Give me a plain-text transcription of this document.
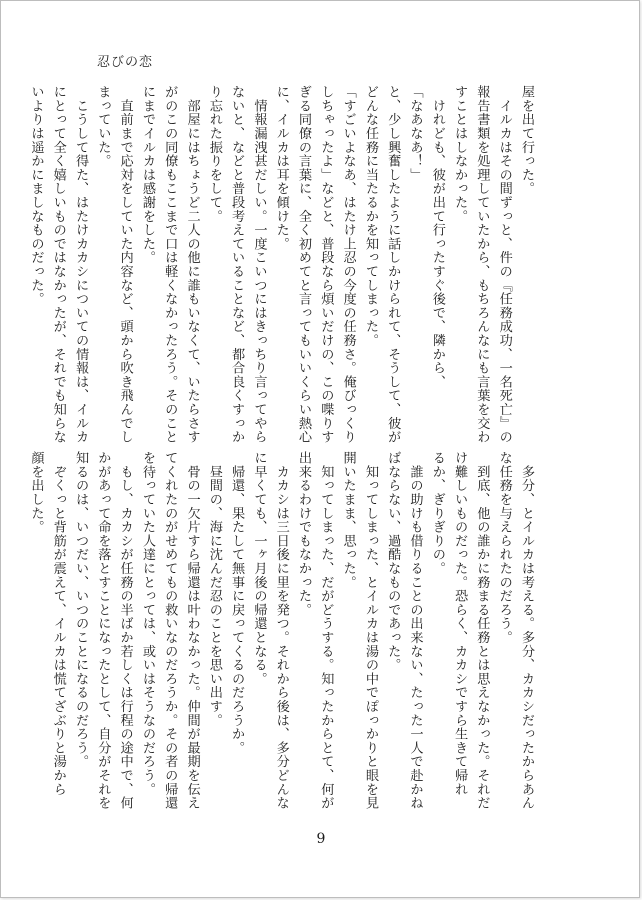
忍びの恋

屋を出て行った。

　イルカはその間ずっと、件の『任務成功、一名死亡』の

報告書類を処理していたから、もちろんなにも言葉を交わ

すことはしなかった。

　けれども、彼が出て行ったすぐ後で、隣から、

「なあなあ！」

と、少し興奮したように話しかけられて、そうして、彼が

どんな任務に当たるかを知ってしまった。

「すごいよなあ、はたけ上忍の今度の任務さ。俺びっくり

しちゃったよ」などと、普段なら煩いだけの、この喋りす

ぎる同僚の言葉に、全く初めてと言ってもいいくらい熱心

に、イルカは耳を傾けた。

　情報漏洩甚だしい。一度こいつにはきっちり言ってやら

ないと、などと普段考えていることなど、都合良くすっか

り忘れた振りをして。

　部屋にはちょうど二人の他に誰もいなくて、いたらさす

がのこの同僚もここまで口は軽くなかったろう。そのこと

にまでイルカは感謝をした。

　直前まで応対をしていた内容など、頭から吹き飛んでし

まっていた。

　こうして得た、はたけカカシについての情報は、イルカ

にとって全く嬉しいものではなかったが、それでも知らな

いよりは遥かにましなものだった。

　多分、とイルカは考える。多分、カカシだったからあん

な任務を与えられたのだろう。

　到底、他の誰かに務まる任務とは思えなかった。それだ

け難しいものだった。恐らく、カカシですら生きて帰れ

るか、ぎりぎりの。

　誰の助けも借りることの出来ない、たった一人で赴かね

ばならない、過酷なものであった。

　知ってしまった、とイルカは湯の中でぽっかりと眼を見

開いたまま、思った。

　知ってしまった、だがどうする。知ったからとて、何が

出来るわけでもなかった。

　カカシは三日後に里を発つ。それから後は、多分どんな

に早くても、一ヶ月後の帰還となる。

　帰還、果たして無事に戻ってくるのだろうか。

　昼間の、海に沈んだ忍のことを思い出す。

　骨の一欠片すら帰還は叶わなかった。仲間が最期を伝え

てくれたのがせめてもの救いなのだろうか。その者の帰還

を待っていた人達にとっては、或いはそうなのだろう。

　もし、カカシが任務の半ばか若しくは行程の途中で、何

かがあって命を落とすことになったとして、自分がそれを

知るのは、いつだい、いつのことになるのだろう。

　ぞくっと背筋が震えて、イルカは慌てざぶりと湯から

顔を出した。

9
